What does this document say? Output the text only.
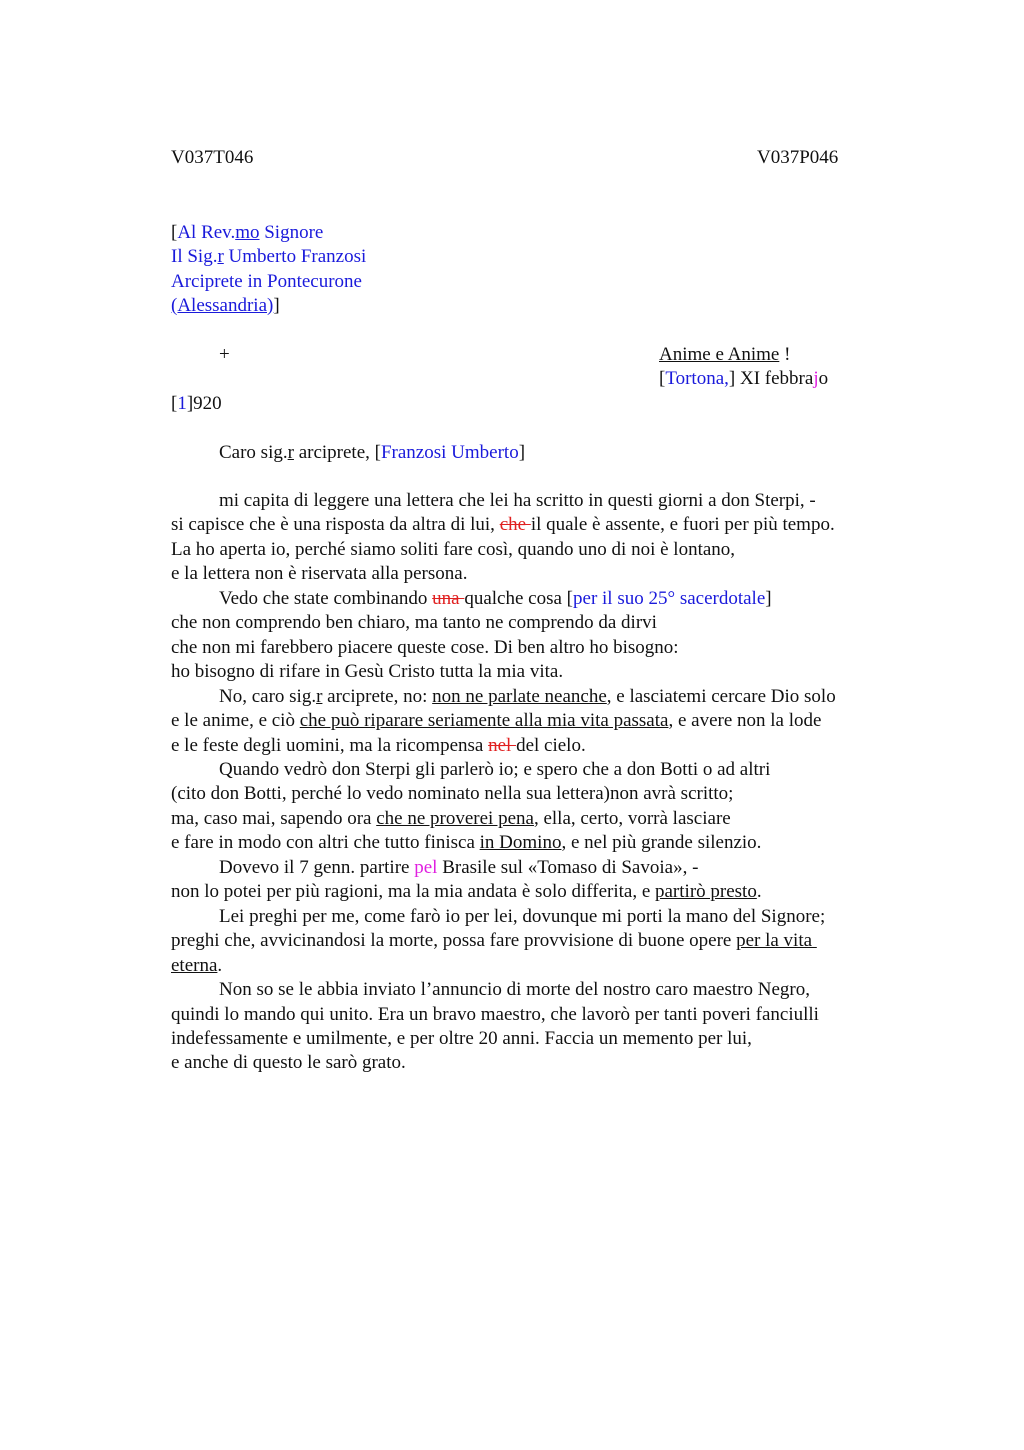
V037T046	V037P046
[Al Rev.mo Signore
Il Sig.r Umberto Franzosi
Arciprete in Pontecurone
(Alessandria)]
+	Anime e Anime !
[Tortona,] XI febbrajo
[1]920
Caro sig.r arciprete, [Franzosi Umberto]
mi capita di leggere una lettera che lei ha scritto in questi giorni a don Sterpi, -
si capisce che è una risposta da altra di lui, che il quale è assente, e fuori per più tempo.
La ho aperta io, perché siamo soliti fare così, quando uno di noi è lontano,
e la lettera non è riservata alla persona.
Vedo che state combinando una qualche cosa [per il suo 25° sacerdotale]
che non comprendo ben chiaro, ma tanto ne comprendo da dirvi
che non mi farebbero piacere queste cose. Di ben altro ho bisogno:
ho bisogno di rifare in Gesù Cristo tutta la mia vita.
No, caro sig.r arciprete, no: non ne parlate neanche, e lasciatemi cercare Dio solo
e le anime, e ciò che può riparare seriamente alla mia vita passata, e avere non la lode
e le feste degli uomini, ma la ricompensa nel del cielo.
Quando vedrò don Sterpi gli parlerò io; e spero che a don Botti o ad altri
(cito don Botti, perché lo vedo nominato nella sua lettera)non avrà scritto;
ma, caso mai, sapendo ora che ne proverei pena, ella, certo, vorrà lasciare
e fare in modo con altri che tutto finisca in Domino, e nel più grande silenzio.
Dovevo il 7 genn. partire pel Brasile sul «Tomaso di Savoia», -
non lo potei per più ragioni, ma la mia andata è solo differita, e partirò presto.
Lei preghi per me, come farò io per lei, dovunque mi porti la mano del Signore;
preghi che, avvicinandosi la morte, possa fare provvisione di buone opere per la vita
eterna.
Non so se le abbia inviato l’annuncio di morte del nostro caro maestro Negro,
quindi lo mando qui unito. Era un bravo maestro, che lavorò per tanti poveri fanciulli
indefessamente e umilmente, e per oltre 20 anni. Faccia un memento per lui,
e anche di questo le sarò grato.
